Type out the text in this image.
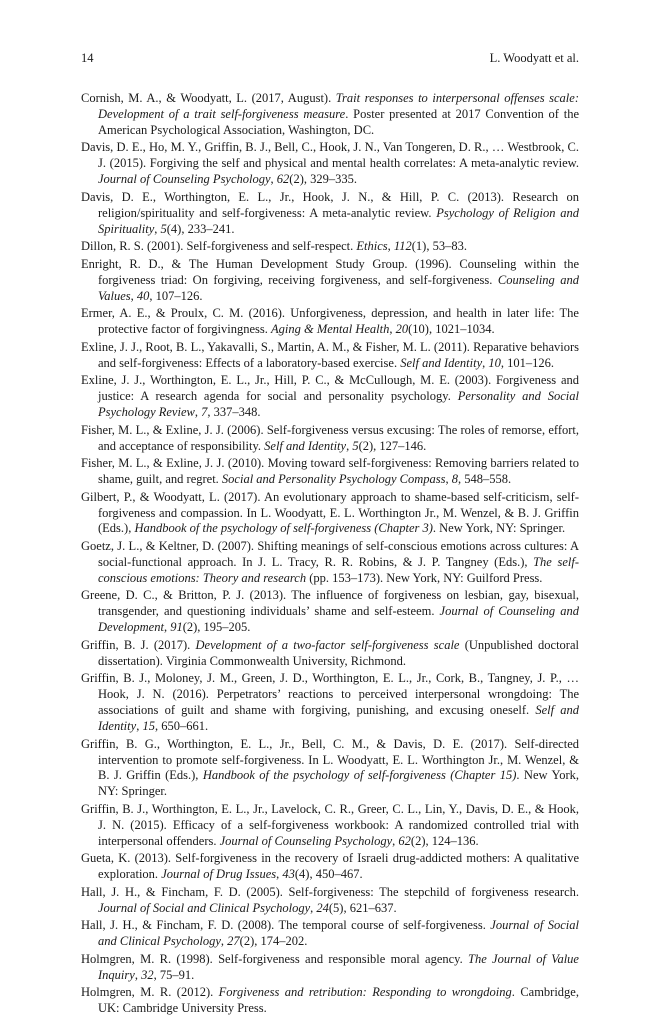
14	L. Woodyatt et al.
Cornish, M. A., & Woodyatt, L. (2017, August). Trait responses to interpersonal offenses scale: Development of a trait self-forgiveness measure. Poster presented at 2017 Convention of the American Psychological Association, Washington, DC.
Davis, D. E., Ho, M. Y., Griffin, B. J., Bell, C., Hook, J. N., Van Tongeren, D. R., … Westbrook, C. J. (2015). Forgiving the self and physical and mental health correlates: A meta-analytic review. Journal of Counseling Psychology, 62(2), 329–335.
Davis, D. E., Worthington, E. L., Jr., Hook, J. N., & Hill, P. C. (2013). Research on religion/spirituality and self-forgiveness: A meta-analytic review. Psychology of Religion and Spirituality, 5(4), 233–241.
Dillon, R. S. (2001). Self-forgiveness and self-respect. Ethics, 112(1), 53–83.
Enright, R. D., & The Human Development Study Group. (1996). Counseling within the forgiveness triad: On forgiving, receiving forgiveness, and self-forgiveness. Counseling and Values, 40, 107–126.
Ermer, A. E., & Proulx, C. M. (2016). Unforgiveness, depression, and health in later life: The protective factor of forgivingness. Aging & Mental Health, 20(10), 1021–1034.
Exline, J. J., Root, B. L., Yakavalli, S., Martin, A. M., & Fisher, M. L. (2011). Reparative behaviors and self-forgiveness: Effects of a laboratory-based exercise. Self and Identity, 10, 101–126.
Exline, J. J., Worthington, E. L., Jr., Hill, P. C., & McCullough, M. E. (2003). Forgiveness and justice: A research agenda for social and personality psychology. Personality and Social Psychology Review, 7, 337–348.
Fisher, M. L., & Exline, J. J. (2006). Self-forgiveness versus excusing: The roles of remorse, effort, and acceptance of responsibility. Self and Identity, 5(2), 127–146.
Fisher, M. L., & Exline, J. J. (2010). Moving toward self-forgiveness: Removing barriers related to shame, guilt, and regret. Social and Personality Psychology Compass, 8, 548–558.
Gilbert, P., & Woodyatt, L. (2017). An evolutionary approach to shame-based self-criticism, self-forgiveness and compassion. In L. Woodyatt, E. L. Worthington Jr., M. Wenzel, & B. J. Griffin (Eds.), Handbook of the psychology of self-forgiveness (Chapter 3). New York, NY: Springer.
Goetz, J. L., & Keltner, D. (2007). Shifting meanings of self-conscious emotions across cultures: A social-functional approach. In J. L. Tracy, R. R. Robins, & J. P. Tangney (Eds.), The self-conscious emotions: Theory and research (pp. 153–173). New York, NY: Guilford Press.
Greene, D. C., & Britton, P. J. (2013). The influence of forgiveness on lesbian, gay, bisexual, transgender, and questioning individuals’ shame and self-esteem. Journal of Counseling and Development, 91(2), 195–205.
Griffin, B. J. (2017). Development of a two-factor self-forgiveness scale (Unpublished doctoral dissertation). Virginia Commonwealth University, Richmond.
Griffin, B. J., Moloney, J. M., Green, J. D., Worthington, E. L., Jr., Cork, B., Tangney, J. P., … Hook, J. N. (2016). Perpetrators’ reactions to perceived interpersonal wrongdoing: The associations of guilt and shame with forgiving, punishing, and excusing oneself. Self and Identity, 15, 650–661.
Griffin, B. G., Worthington, E. L., Jr., Bell, C. M., & Davis, D. E. (2017). Self-directed intervention to promote self-forgiveness. In L. Woodyatt, E. L. Worthington Jr., M. Wenzel, & B. J. Griffin (Eds.), Handbook of the psychology of self-forgiveness (Chapter 15). New York, NY: Springer.
Griffin, B. J., Worthington, E. L., Jr., Lavelock, C. R., Greer, C. L., Lin, Y., Davis, D. E., & Hook, J. N. (2015). Efficacy of a self-forgiveness workbook: A randomized controlled trial with interpersonal offenders. Journal of Counseling Psychology, 62(2), 124–136.
Gueta, K. (2013). Self-forgiveness in the recovery of Israeli drug-addicted mothers: A qualitative exploration. Journal of Drug Issues, 43(4), 450–467.
Hall, J. H., & Fincham, F. D. (2005). Self-forgiveness: The stepchild of forgiveness research. Journal of Social and Clinical Psychology, 24(5), 621–637.
Hall, J. H., & Fincham, F. D. (2008). The temporal course of self-forgiveness. Journal of Social and Clinical Psychology, 27(2), 174–202.
Holmgren, M. R. (1998). Self-forgiveness and responsible moral agency. The Journal of Value Inquiry, 32, 75–91.
Holmgren, M. R. (2012). Forgiveness and retribution: Responding to wrongdoing. Cambridge, UK: Cambridge University Press.
